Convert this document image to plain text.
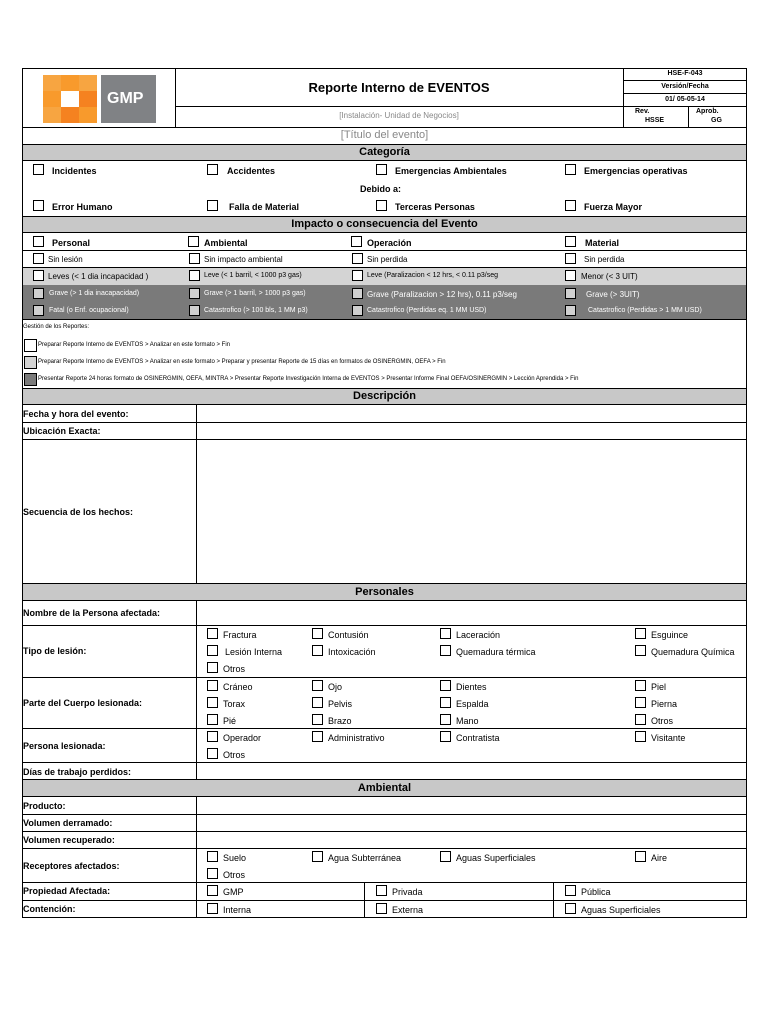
GMP
Reporte Interno de EVENTOS
[Instalación- Unidad de Negocios]
HSE-F-043
Versión/Fecha
01/ 05-05-14
Rev.
HSSE
Aprob.
GG
[Título del evento]
Categoría
Incidentes	Accidentes	Emergencias Ambientales	Emergencias operativas
Debido a:
Error Humano	Falla de Material	Terceras Personas	Fuerza Mayor
Impacto o consecuencia del Evento
Personal	Ambiental	Operación	Material
Sin lesión	Sin impacto ambiental	Sin perdida	Sin perdida
Leves (< 1 dia incapacidad )	Leve (< 1 barril, < 1000 p3 gas)	Leve (Paralizacion < 12 hrs, < 0.11 p3/seg	Menor (< 3 UIT)
Grave (> 1 dia inacapacidad)	Grave (> 1 barril, > 1000 p3 gas)	Grave (Paralizacion > 12 hrs), 0.11 p3/seg	Grave (> 3UIT)
Fatal (o Enf. ocupacional)	Catastrofico (> 100 bls, 1 MM p3)	Catastrofico (Perdidas eq. 1 MM USD)	Catastrofico (Perdidas > 1 MM USD)
Gestión de los Reportes:
Preparar Reporte Interno de EVENTOS > Analizar en este formato > Fin
Preparar Reporte Interno de EVENTOS > Analizar en este formato > Preparar y presentar Reporte de 15 días en formatos de OSINERGMIN, OEFA > Fin
Presentar Reporte 24 horas formato de OSINERGMIN, OEFA, MINTRA > Presentar Reporte Investigación Interna de EVENTOS > Presentar Informe Final OEFA/OSINERGMIN > Lección Aprendida > Fin
Descripción
Fecha y hora del evento:
Ubicación Exacta:
Secuencia de los hechos:
Personales
Nombre de la Persona afectada:
Tipo de lesión:
Fractura	Contusión	Laceración	Esguince
Lesión Interna	Intoxicación	Quemadura térmica	Quemadura Química
Otros
Parte del Cuerpo lesionada:
Cráneo	Ojo	Dientes	Piel
Torax	Pelvis	Espalda	Pierna
Pié	Brazo	Mano	Otros
Persona lesionada:
Operador	Administrativo	Contratista	Visitante
Otros
Días de trabajo perdidos:
Ambiental
Producto:
Volumen derramado:
Volumen recuperado:
Receptores afectados:
Suelo	Agua Subterránea	Aguas Superficiales	Aire
Otros
Propiedad Afectada:	GMP	Privada	Pública
Contención:	Interna	Externa	Aguas Superficiales
